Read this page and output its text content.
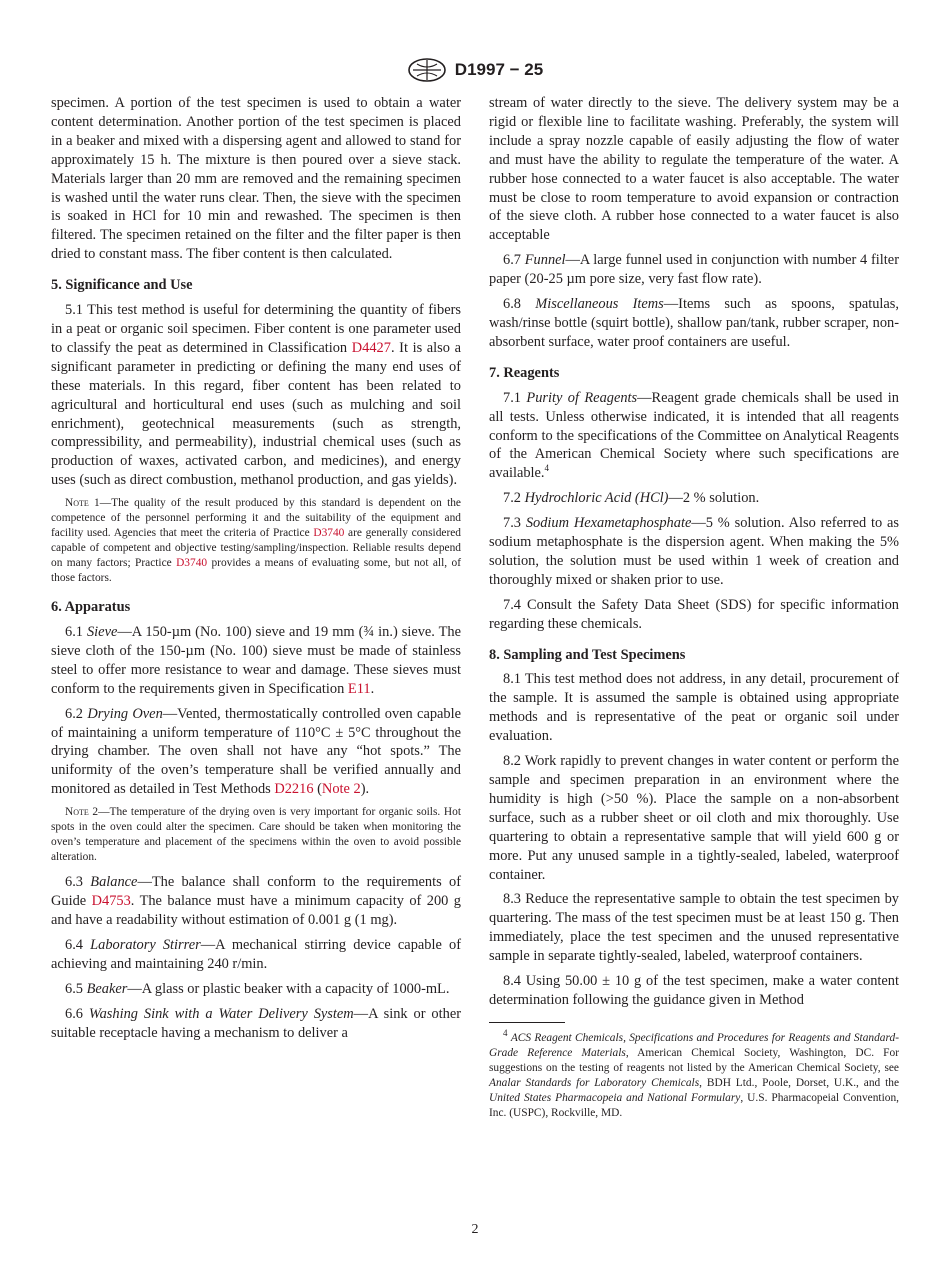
D1997 − 25

specimen. A portion of the test specimen is used to obtain a water content determination. Another portion of the test specimen is placed in a beaker and mixed with a dispersing agent and allowed to stand for approximately 15 h. The mixture is then poured over a sieve stack. Materials larger than 20 mm are removed and the remaining specimen is washed until the water runs clear. Then, the sieve with the specimen is soaked in HCl for 10 min and rewashed. The specimen is then filtered. The specimen retained on the filter and the filter paper is then dried to constant mass. The fiber content is then calculated.

5. Significance and Use

5.1 This test method is useful for determining the quantity of fibers in a peat or organic soil specimen. Fiber content is one parameter used to classify the peat as determined in Classification D4427. It is also a significant parameter in predicting or defining the many end uses of these materials. In this regard, fiber content has been related to agricultural and horticultural end uses (such as mulching and soil enrichment), geotechnical measurements (such as strength, compressibility, and permeability), industrial chemical uses (such as production of waxes, activated carbon, and medicines), and energy uses (such as direct combustion, methanol production, and gas yields).

Note 1—The quality of the result produced by this standard is dependent on the competence of the personnel performing it and the suitability of the equipment and facility used. Agencies that meet the criteria of Practice D3740 are generally considered capable of competent and objective testing/sampling/inspection. Reliable results depend on many factors; Practice D3740 provides a means of evaluating some, but not all, of those factors.
6. Apparatus

6.1 Sieve—A 150-µm (No. 100) sieve and 19 mm (¾ in.) sieve. The sieve cloth of the 150-µm (No. 100) sieve must be made of stainless steel to offer more resistance to wear and damage. These sieves must conform to the requirements given in Specification E11.

6.2 Drying Oven—Vented, thermostatically controlled oven capable of maintaining a uniform temperature of 110°C ± 5°C throughout the drying chamber. The oven shall not have any “hot spots.” The uniformity of the oven’s temperature shall be verified annually and monitored as detailed in Test Methods D2216 (Note 2).

Note 2—The temperature of the drying oven is very important for organic soils. Hot spots in the oven could alter the specimen. Care should be taken when monitoring the oven’s temperature and placement of the specimens within the oven to avoid possible alteration.

6.3 Balance—The balance shall conform to the requirements of Guide D4753. The balance must have a minimum capacity of 200 g and have a readability without estimation of 0.001 g (1 mg).

6.4 Laboratory Stirrer—A mechanical stirring device capable of achieving and maintaining 240 r/min.

6.5 Beaker—A glass or plastic beaker with a capacity of 1000-mL.

6.6 Washing Sink with a Water Delivery System—A sink or other suitable receptacle having a mechanism to deliver a

stream of water directly to the sieve. The delivery system may be a rigid or flexible line to facilitate washing. Preferably, the system will include a spray nozzle capable of easily adjusting the flow of water and must have the ability to regulate the temperature of the water. A rubber hose connected to a water faucet is also acceptable. The water must be close to room temperature to avoid expansion or contraction of the sieve cloth. A rubber hose connected to a water faucet is also acceptable

6.7 Funnel—A large funnel used in conjunction with number 4 filter paper (20-25 µm pore size, very fast flow rate).

6.8 Miscellaneous Items—Items such as spoons, spatulas, wash/rinse bottle (squirt bottle), shallow pan/tank, rubber scraper, non-absorbent surface, water proof containers are useful.

7. Reagents

7.1 Purity of Reagents—Reagent grade chemicals shall be used in all tests. Unless otherwise indicated, it is intended that all reagents conform to the specifications of the Committee on Analytical Reagents of the American Chemical Society where such specifications are available.$^4$

7.2 Hydrochloric Acid (HCl)—2 % solution.

7.3 Sodium Hexametaphosphate—5 % solution. Also referred to as sodium metaphosphate is the dispersion agent. When making the 5% solution, the solution must be used within 1 week of creation and thoroughly mixed or shaken prior to use.

7.4 Consult the Safety Data Sheet (SDS) for specific information regarding these chemicals.

8. Sampling and Test Specimens

8.1 This test method does not address, in any detail, procurement of the sample. It is assumed the sample is obtained using appropriate methods and is representative of the peat or organic soil under evaluation.

8.2 Work rapidly to prevent changes in water content or perform the sample and specimen preparation in an environment where the humidity is high (>50 %). Place the sample on a non-absorbent surface, such as a rubber sheet or oil cloth and mix thoroughly. Use quartering to obtain a representative sample that will yield 600 g or more. Put any unused sample in a tightly-sealed, labeled, waterproof container.

8.3 Reduce the representative sample to obtain the test specimen by quartering. The mass of the test specimen must be at least 150 g. Then immediately, place the test specimen and the unused representative sample in separate tightly-sealed, labeled, waterproof containers.

8.4 Using 50.00 ± 10 g of the test specimen, make a water content determination following the guidance given in Method

$^4$ ACS Reagent Chemicals, Specifications and Procedures for Reagents and Standard-Grade Reference Materials, American Chemical Society, Washington, DC. For suggestions on the testing of reagents not listed by the American Chemical Society, see Analar Standards for Laboratory Chemicals, BDH Ltd., Poole, Dorset, U.K., and the United States Pharmacopeia and National Formulary, U.S. Pharmacopeial Convention, Inc. (USPC), Rockville, MD.

2
